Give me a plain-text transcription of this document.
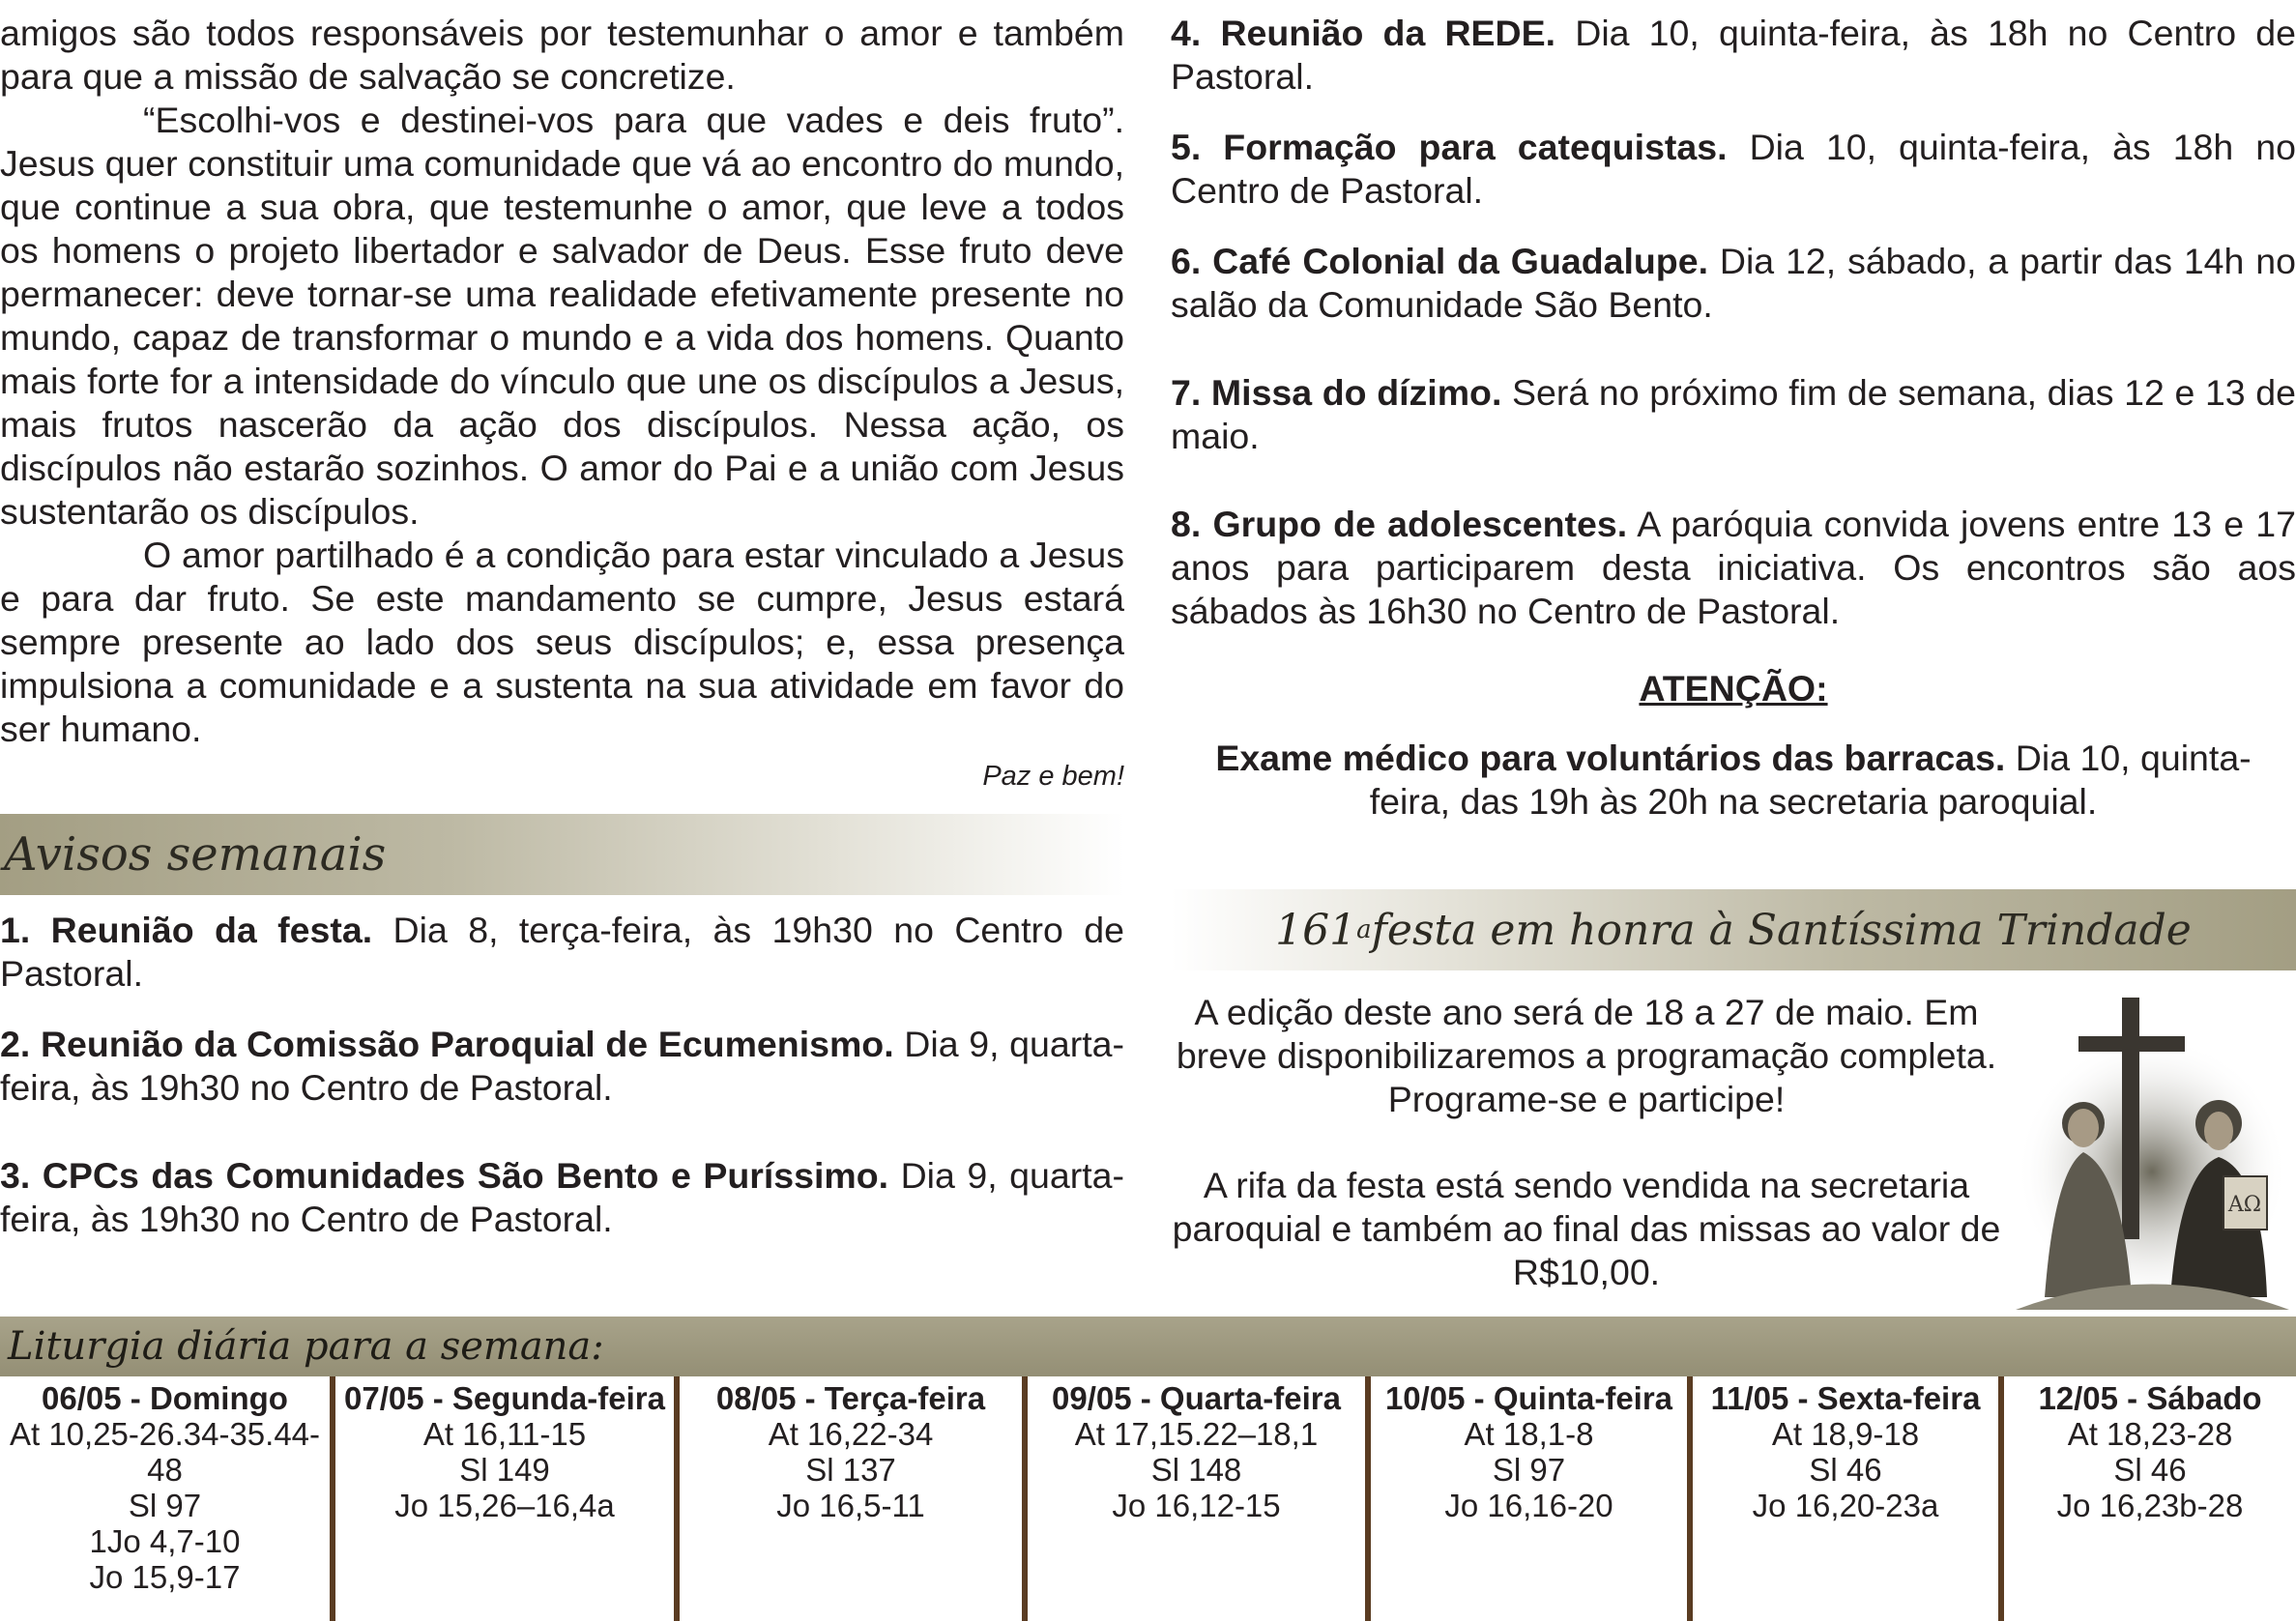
amigos são todos responsáveis por testemunhar o amor e também para que a missão de salvação se concretize.

“Escolhi-vos e destinei-vos para que vades e deis fruto”. Jesus quer constituir uma comunidade que vá ao encontro do mundo, que continue a sua obra, que testemunhe o amor, que leve a todos os homens o projeto libertador e salvador de Deus. Esse fruto deve permanecer: deve tornar-se uma realidade efetivamente presente no mundo, capaz de transformar o mundo e a vida dos homens. Quanto mais forte for a intensidade do vínculo que une os discípulos a Jesus, mais frutos nascerão da ação dos discípulos. Nessa ação, os discípulos não estarão sozinhos. O amor do Pai e a união com Jesus sustentarão os discípulos.

O amor partilhado é a condição para estar vinculado a Jesus e para dar fruto. Se este mandamento se cumpre, Jesus estará sempre presente ao lado dos seus discípulos; e, essa presença impulsiona a comunidade e a sustenta na sua atividade em favor do ser humano.

Paz e bem!

Avisos semanais

1. Reunião da festa. Dia 8, terça-feira, às 19h30 no Centro de Pastoral.

2. Reunião da Comissão Paroquial de Ecumenismo. Dia 9, quarta-feira, às 19h30 no Centro de Pastoral.

3. CPCs das Comunidades São Bento e Puríssimo. Dia 9, quarta-feira, às 19h30 no Centro de Pastoral.

4. Reunião da REDE. Dia 10, quinta-feira, às 18h no Centro de Pastoral.

5. Formação para catequistas. Dia 10, quinta-feira, às 18h no Centro de Pastoral.

6. Café Colonial da Guadalupe. Dia 12, sábado, a partir das 14h no salão da Comunidade São Bento.

7. Missa do dízimo. Será no próximo fim de semana, dias 12 e 13 de maio.

8. Grupo de adolescentes. A paróquia convida jovens entre 13 e 17 anos para participarem desta iniciativa. Os encontros são aos sábados às 16h30 no Centro de Pastoral.

ATENÇÃO:

Exame médico para voluntários das barracas. Dia 10, quinta-feira, das 19h às 20h na secretaria paroquial.

161 a festa em honra à Santíssima Trindade

A edição deste ano será de 18 a 27 de maio. Em breve disponibilizaremos a programação completa. Programe-se e participe!

A rifa da festa está sendo vendida na secretaria paroquial e também ao final das missas ao valor de R$10,00.

AΩ
Liturgia diária para a semana:
06/05 - Domingo
At 10,25-26.34-35.44-48
Sl 97
1Jo 4,7-10
Jo 15,9-17
07/05 - Segunda-feira
At 16,11-15
Sl 149
Jo 15,26–16,4a
08/05 - Terça-feira
At 16,22-34
Sl 137
Jo 16,5-11
09/05 - Quarta-feira
At 17,15.22–18,1
Sl 148
Jo 16,12-15
10/05 - Quinta-feira
At 18,1-8
Sl 97
Jo 16,16-20
11/05 - Sexta-feira
At 18,9-18
Sl 46
Jo 16,20-23a
12/05 - Sábado
At 18,23-28
Sl 46
Jo 16,23b-28
